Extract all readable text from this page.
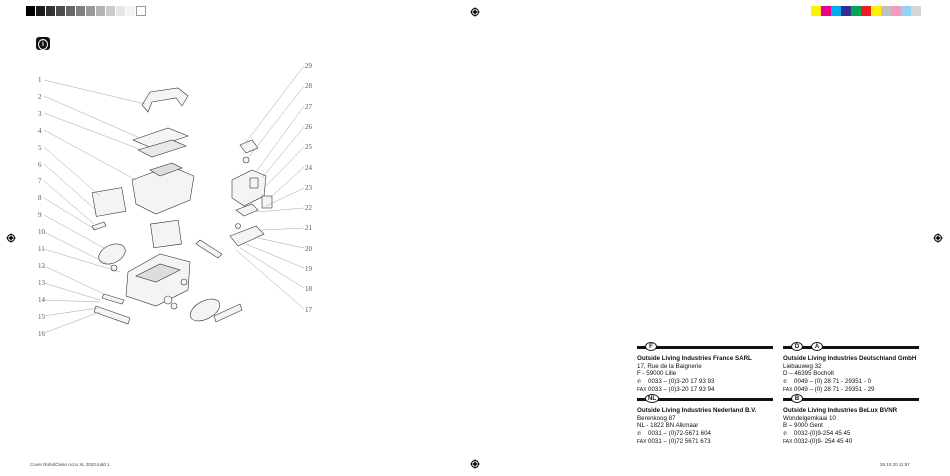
i
1
2
3
4
5
6
7
8
9
10
11
12
13
14
15
16
29
28
27
26
25
24
23
22
21
20
19
18
17
F
Outside Living Industries France SARL
17, Rue de la Baignerie
F - 59000 Lille
✆ 0033 – (0)3-20 17 93 93
FAX 0033 – (0)3-20 17 93 94
D	A
Outside Living Industries Deutschland GmbH
Liebauweg 32
D – 46395 Bocholt
✆ 0049 – (0) 28 71 - 29351 - 0
FAX 0049 – (0) 28 71 - 29351 - 29
NL
Outside Living Industries Nederland B.V.
Berenkoog 87
NL - 1822 BN Alkmaar
✆ 0031 – (0)72-5671 604
FAX 0031 – (0)72 5671 673
B
Outside Living Industries BeLux BVNR
Wondelgemkaai 10
B – 9000 Gent
✆ 0032-(0)9-254 45 45
FAX 0032-(0)9- 254 45 40
Cover RobotClean Accu XL 2020.indd 1	26.10.20 11:57
